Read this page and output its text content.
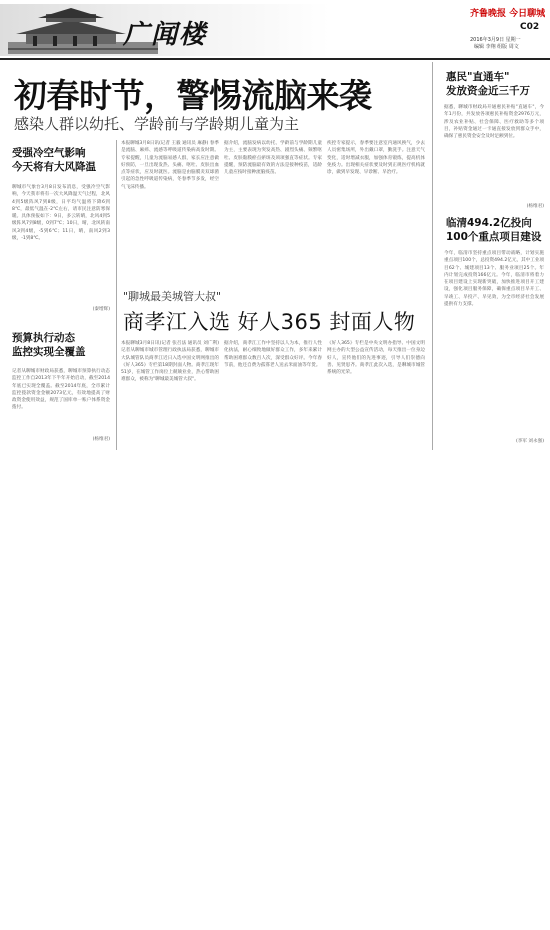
广闻楼
齐鲁晚报 今日聊城
C02
2016年3月9日 星期一
编辑 李翔 组版 周文
初春时节，警惕流脑来袭
感染人群以幼托、学龄前与学龄期儿童为主
受强冷空气影响
今天将有大风降温
聊城市气象台3月8日发布消息，受强冷空气影响，今天我市将有一次大风降温天气过程，北风4到5级阵风7到8级，日平均气温将下降6到8℃，最低气温在-2℃左右，请市民注意防寒保暖。具体预报如下：9日，多云转晴，北风4到5级阵风7到8级，0到7℃；10日，晴，北风转南风3到4级，-5到6℃；11日，晴，南风2到3级，-1到8℃。
(秦增辉)
预算执行动态
监控实现全覆盖
记者从聊城市财政局获悉，聊城市预算执行动态监控工作自2013年下半年开始启动，截至2014年底已实现全覆盖。截至2014年底，全市累计监控拨款资金金额2073亿元，有效地提高了财政资金使用效益，规范了国库单一账户体系资金拨付。
(杨维君)
本报聊城3月8日讯(记者 王毅 通讯员 麻静) 春季是流脑、麻疹、流感等呼吸道传染病高发时期。专家提醒，儿童为流脑易感人群，家长应注意做好预防，一旦出现发热、头痛、呕吐、皮肤出血点等症状，应及时就医。流脑是由脑膜炎双球菌引起的急性呼吸道传染病，冬春季节多发，经空气飞沫传播。
据介绍，流脑发病以幼托、学龄前与学龄期儿童为主，主要表现为突发高热、剧烈头痛、频繁呕吐、皮肤黏膜瘀点瘀斑及颈项强直等症状。专家提醒，预防流脑最有效的方法是接种疫苗，适龄儿童应按时接种流脑疫苗。
疾控专家提示，春季要注意室内通风换气，少去人员密集场所，外出戴口罩，勤洗手。注意天气变化，适时增减衣服，加强体育锻炼，提高机体免疫力。出现相关症状要及时到正规医疗机构就诊，做到早发现、早诊断、早治疗。
"聊城最美城管大叔"
商孝江入选 好人365 封面人物
本报聊城3月8日讯(记者 张召法 通讯员 刘广利) 记者从聊城市城市管理行政执法局获悉，聊城市大队城管队员商孝江近日入选中国文明网推出的《好人365》专栏第18期封面人物。商孝江现年51岁，在城管工作岗位上兢兢业业，热心帮助困难群众，被称为"聊城最美城管大叔"。
据介绍，商孝江工作中坚持以人为本，推行人性化执法，耐心细致地做好群众工作，多年来累计帮助困难群众数百人次，深受群众好评。今年春节前，他还自费为孤寡老人送去米面油等年货。
《好人365》专栏是中央文明办指导、中国文明网主办的大型公益宣传活动，每天推出一位身边好人，宣传他们的先进事迹，引导人们崇德向善、见贤思齐。商孝江此次入选，是聊城市城管系统的光荣。
惠民"直通车"
发放资金近三千万
据悉，聊城市财政局开通惠民补贴"直通车"，今年1月份，共发放各项惠民补贴资金2976万元，涉及农业补贴、社会保障、医疗救助等多个项目，补贴资金通过一卡通直接发放到群众手中，确保了惠民资金安全及时足额到位。
(杨维君)
临清494.2亿投向
100个重点项目建设
今年，临清市坚持重点项目带动战略，计划实施重点项目100个，总投资494.2亿元，其中工业项目62个、城建项目13个、服务业项目25个。年内计划完成投资166亿元。今年，临清市将着力在项目建设上实现新突破，加快推进项目开工建设，强化项目服务保障，确保重点项目早开工、早竣工、早投产、早见效，为全市经济社会发展提供有力支撑。
(李军 刘永强)
